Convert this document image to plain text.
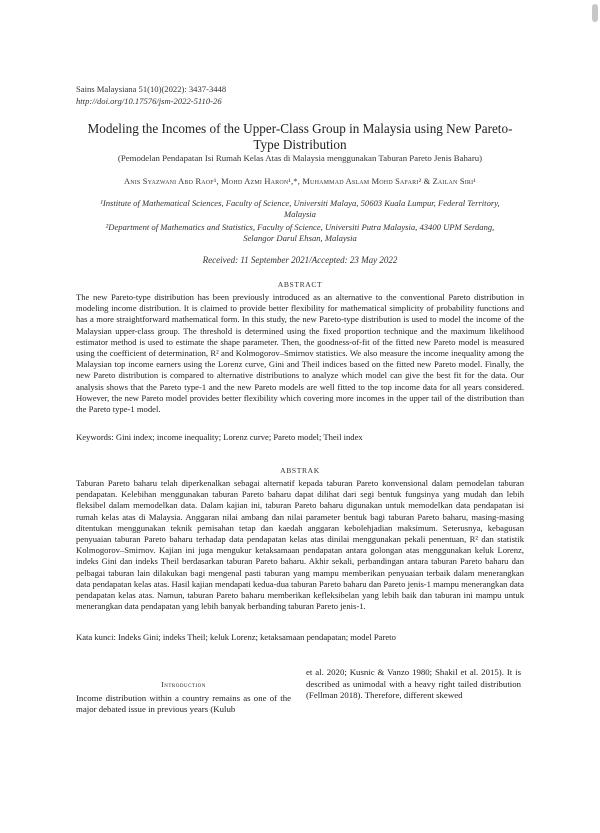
Sains Malaysiana 51(10)(2022): 3437-3448
http://doi.org/10.17576/jsm-2022-5110-26
Modeling the Incomes of the Upper-Class Group in Malaysia using New Pareto-Type Distribution
(Pemodelan Pendapatan Isi Rumah Kelas Atas di Malaysia menggunakan Taburan Pareto Jenis Baharu)
Anis Syazwani Abd Raof¹, Mohd Azmi Haron¹,*, Muhammad Aslam Mohd Safari² & Zailan Siri¹
¹Institute of Mathematical Sciences, Faculty of Science, Universiti Malaya, 50603 Kuala Lumpur, Federal Territory, Malaysia
²Department of Mathematics and Statistics, Faculty of Science, Universiti Putra Malaysia, 43400 UPM Serdang, Selangor Darul Ehsan, Malaysia
Received: 11 September 2021/Accepted: 23 May 2022
ABSTRACT
The new Pareto-type distribution has been previously introduced as an alternative to the conventional Pareto distribution in modeling income distribution. It is claimed to provide better flexibility for mathematical simplicity of probability functions and has a more straightforward mathematical form. In this study, the new Pareto-type distribution is used to model the income of the Malaysian upper-class group. The threshold is determined using the fixed proportion technique and the maximum likelihood estimator method is used to estimate the shape parameter. Then, the goodness-of-fit of the fitted new Pareto model is measured using the coefficient of determination, R² and Kolmogorov–Smirnov statistics. We also measure the income inequality among the Malaysian top income earners using the Lorenz curve, Gini and Theil indices based on the fitted new Pareto model. Finally, the new Pareto distribution is compared to alternative distributions to analyze which model can give the best fit for the data. Our analysis shows that the Pareto type-1 and the new Pareto models are well fitted to the top income data for all years considered. However, the new Pareto model provides better flexibility which covering more incomes in the upper tail of the distribution than the Pareto type-1 model.
Keywords: Gini index; income inequality; Lorenz curve; Pareto model; Theil index
ABSTRAK
Taburan Pareto baharu telah diperkenalkan sebagai alternatif kepada taburan Pareto konvensional dalam pemodelan taburan pendapatan. Kelebihan menggunakan taburan Pareto baharu dapat dilihat dari segi bentuk fungsinya yang mudah dan lebih fleksibel dalam memodelkan data. Dalam kajian ini, taburan Pareto baharu digunakan untuk memodelkan data pendapatan isi rumah kelas atas di Malaysia. Anggaran nilai ambang dan nilai parameter bentuk bagi taburan Pareto baharu, masing-masing ditentukan menggunakan teknik pemisahan tetap dan kaedah anggaran kebolehjadian maksimum. Seterusnya, kebagusan penyuaian taburan Pareto baharu terhadap data pendapatan kelas atas dinilai menggunakan pekali penentuan, R² dan statistik Kolmogorov–Smirnov. Kajian ini juga mengukur ketaksamaan pendapatan antara golongan atas menggunakan keluk Lorenz, indeks Gini dan indeks Theil berdasarkan taburan Pareto baharu. Akhir sekali, perbandingan antara taburan Pareto baharu dan pelbagai taburan lain dilakukan bagi mengenal pasti taburan yang mampu memberikan penyuaian terbaik dalam menerangkan data pendapatan kelas atas. Hasil kajian mendapati kedua-dua taburan Pareto baharu dan Pareto jenis-1 mampu menerangkan data pendapatan kelas atas. Namun, taburan Pareto baharu memberikan kefleksibelan yang lebih baik dan taburan ini mampu untuk menerangkan data pendapatan yang lebih banyak berbanding taburan Pareto jenis-1.
Kata kunci: Indeks Gini; indeks Theil; keluk Lorenz; ketaksamaan pendapatan; model Pareto
Introduction
Income distribution within a country remains as one of the major debated issue in previous years (Kulub
et al. 2020; Kusnic & Vanzo 1980; Shakil et al. 2015). It is described as unimodal with a heavy right tailed distribution (Fellman 2018). Therefore, different skewed
